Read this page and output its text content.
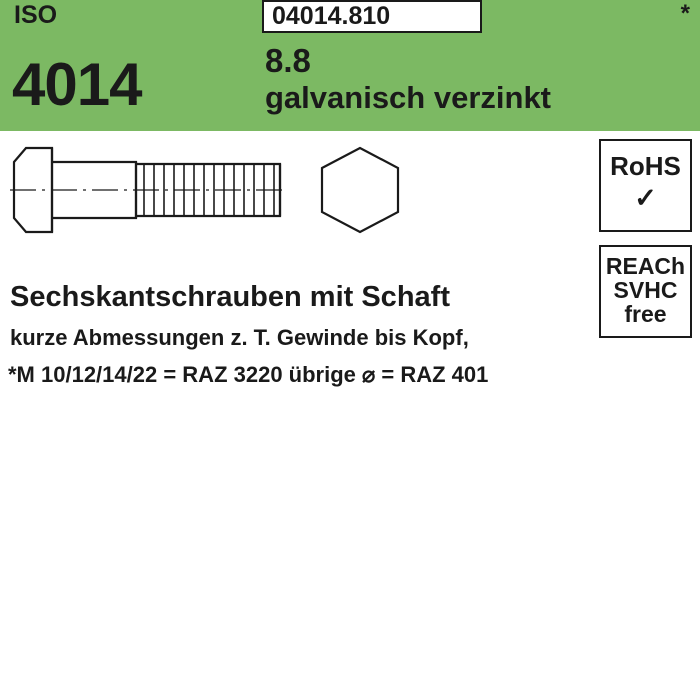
ISO	04014.810	*
4014	8.8
galvanisch verzinkt
RoHS
✓
REACh
SVHC
free
Sechskantschrauben mit Schaft
kurze Abmessungen z. T. Gewinde bis Kopf,
*M 10/12/14/22 = RAZ 3220 übrige ⌀ = RAZ 401
